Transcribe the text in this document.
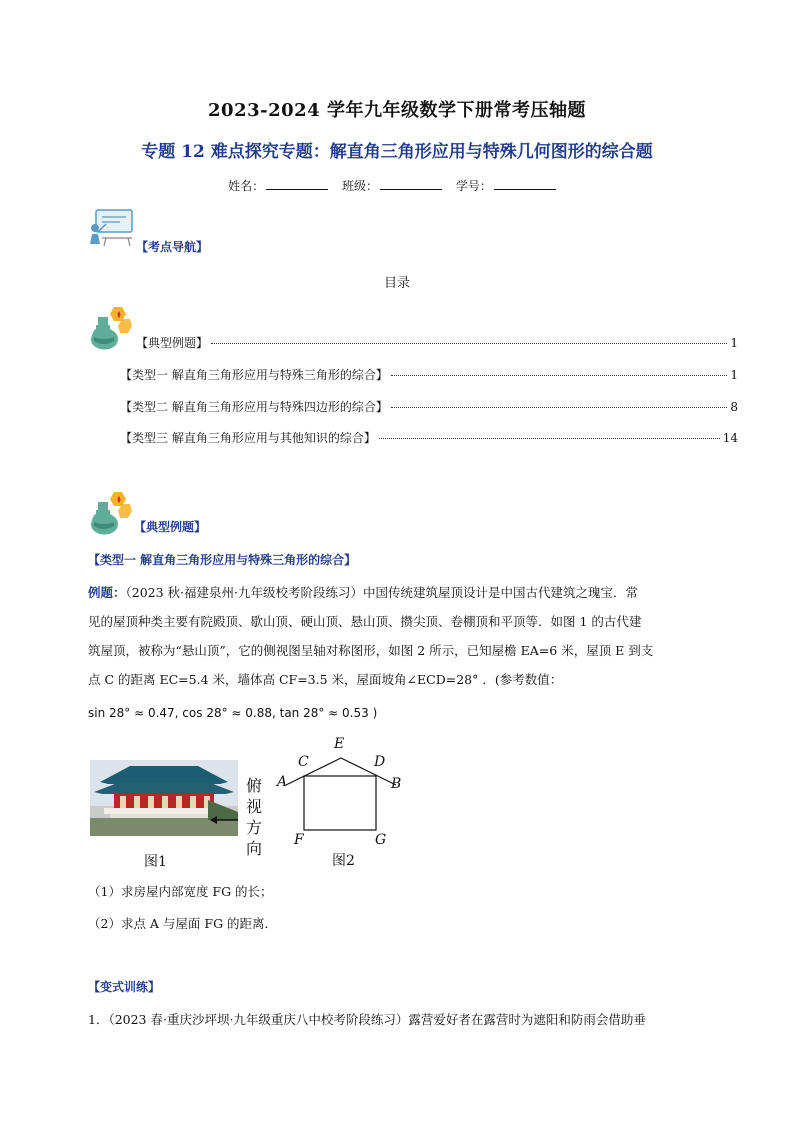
2023-2024 学年九年级数学下册常考压轴题
专题 12 难点探究专题：解直角三角形应用与特殊几何图形的综合题
姓名：	班级：	学号：
【考点导航】
目录
【典型例题】	1
【类型一 解直角三角形应用与特殊三角形的综合】	1
【类型二 解直角三角形应用与特殊四边形的综合】	8
【类型三 解直角三角形应用与其他知识的综合】	14
【典型例题】
【类型一 解直角三角形应用与特殊三角形的综合】
例题：（2023 秋·福建泉州·九年级校考阶段练习）中国传统建筑屋顶设计是中国古代建筑之瑰宝．常
见的屋顶种类主要有院殿顶、歇山顶、硬山顶、悬山顶、攒尖顶、卷棚顶和平顶等．如图 1 的古代建
筑屋顶，被称为“悬山顶”，它的侧视图呈轴对称图形，如图 2 所示，已知屋檐 EA=6 米，屋顶 E 到支
点 C 的距离 EC=5.4 米，墙体高 CF=3.5 米，屋面坡角∠ECD=28° ．(参考数值：
sin 28° ≈ 0.47, cos 28° ≈ 0.88, tan 28° ≈ 0.53 )
俯
视
方
向
图1
E
C	D
A	B
F	G
图2
（1）求房屋内部宽度 FG 的长；
（2）求点 A 与屋面 FG 的距离．
【变式训练】
1．（2023 春·重庆沙坪坝·九年级重庆八中校考阶段练习）露营爱好者在露营时为遮阳和防雨会借助垂
